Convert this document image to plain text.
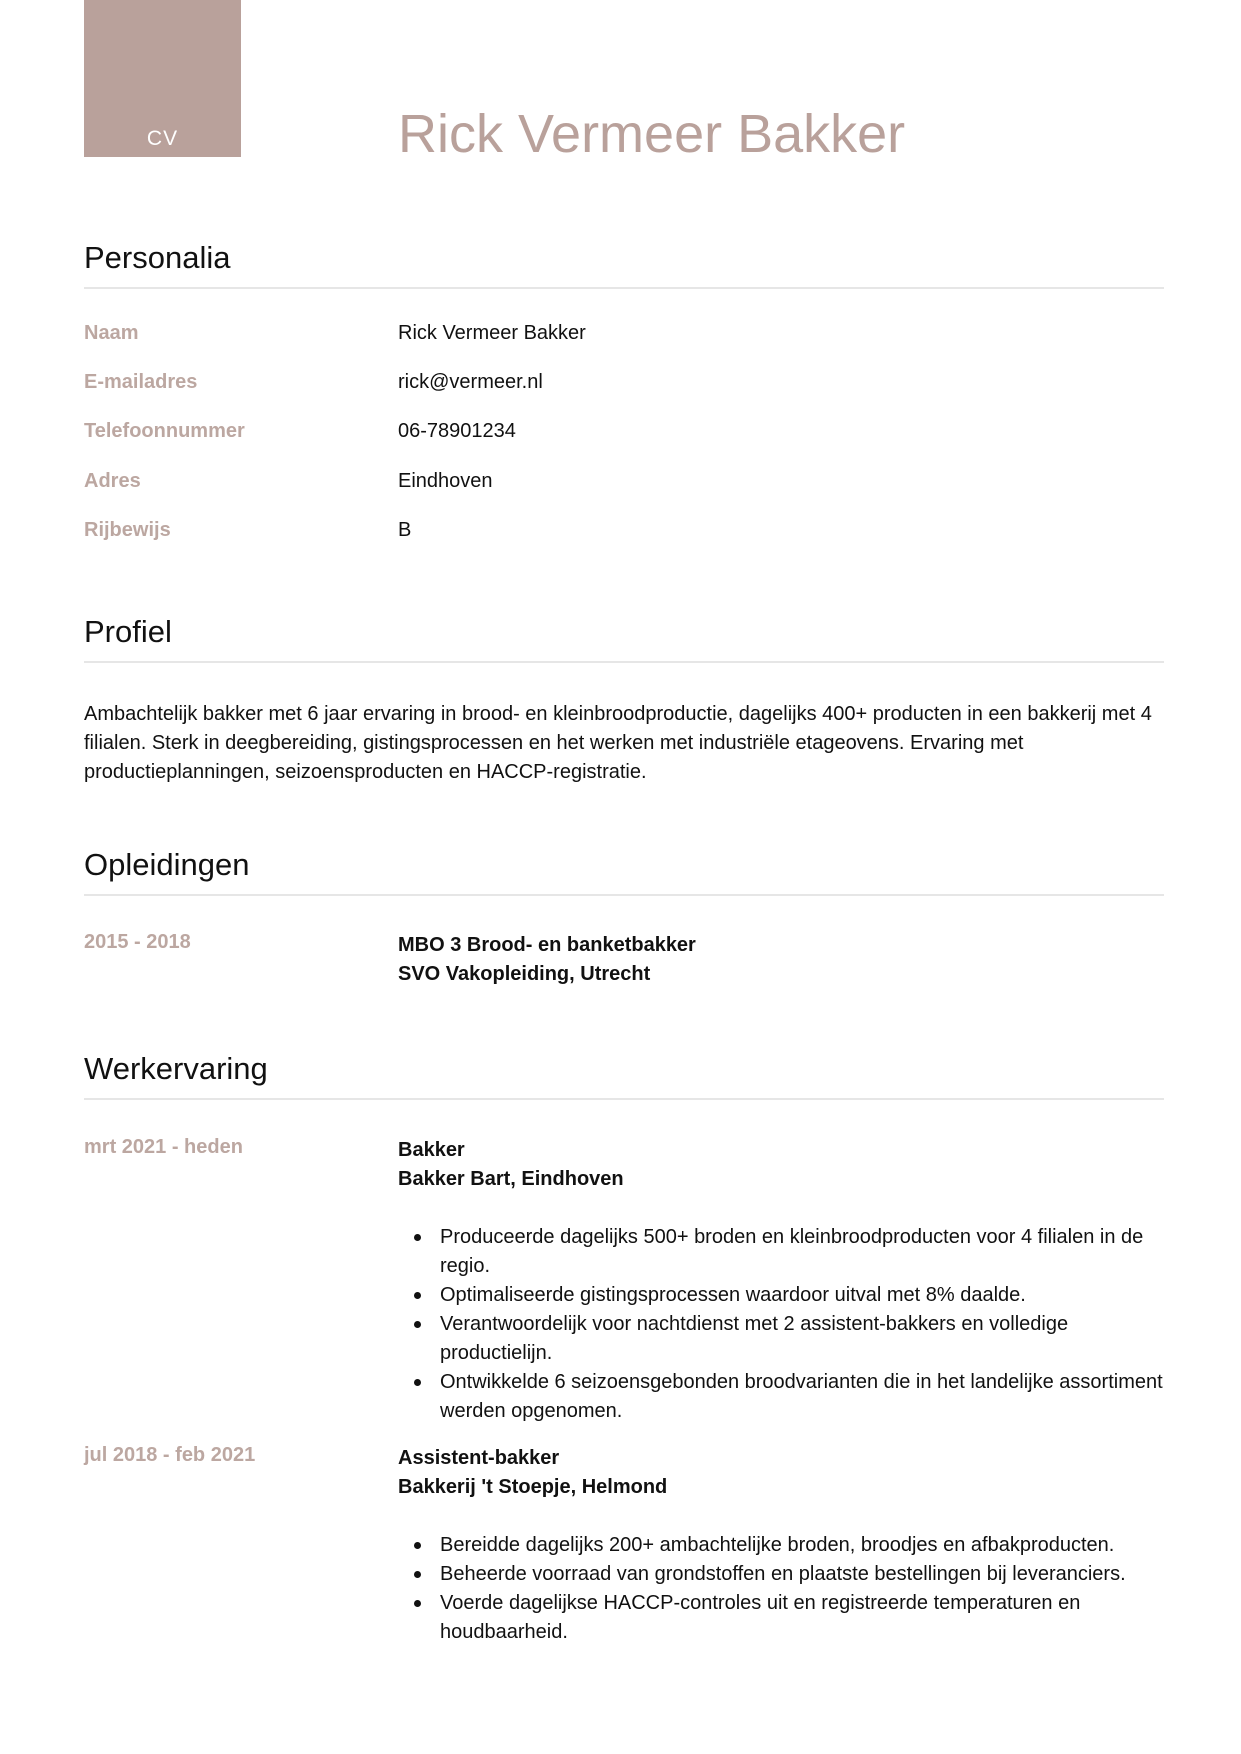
CV	Rick Vermeer Bakker
Personalia
Naam	Rick Vermeer Bakker
E-mailadres	rick@vermeer.nl
Telefoonnummer	06-78901234
Adres	Eindhoven
Rijbewijs	B
Profiel
Ambachtelijk bakker met 6 jaar ervaring in brood- en kleinbroodproductie, dagelijks 400+ producten in een bakkerij met 4 filialen. Sterk in deegbereiding, gistingsprocessen en het werken met industriële etageovens. Ervaring met productieplanningen, seizoensproducten en HACCP-registratie.
Opleidingen
2015 - 2018	MBO 3 Brood- en banketbakker
SVO Vakopleiding, Utrecht
Werkervaring
mrt 2021 - heden	Bakker
Bakker Bart, Eindhoven
Produceerde dagelijks 500+ broden en kleinbroodproducten voor 4 filialen in de regio.
Optimaliseerde gistingsprocessen waardoor uitval met 8% daalde.
Verantwoordelijk voor nachtdienst met 2 assistent-bakkers en volledige productielijn.
Ontwikkelde 6 seizoensgebonden broodvarianten die in het landelijke assortiment werden opgenomen.
jul 2018 - feb 2021	Assistent-bakker
Bakkerij 't Stoepje, Helmond
Bereidde dagelijks 200+ ambachtelijke broden, broodjes en afbakproducten.
Beheerde voorraad van grondstoffen en plaatste bestellingen bij leveranciers.
Voerde dagelijkse HACCP-controles uit en registreerde temperaturen en houdbaarheid.
